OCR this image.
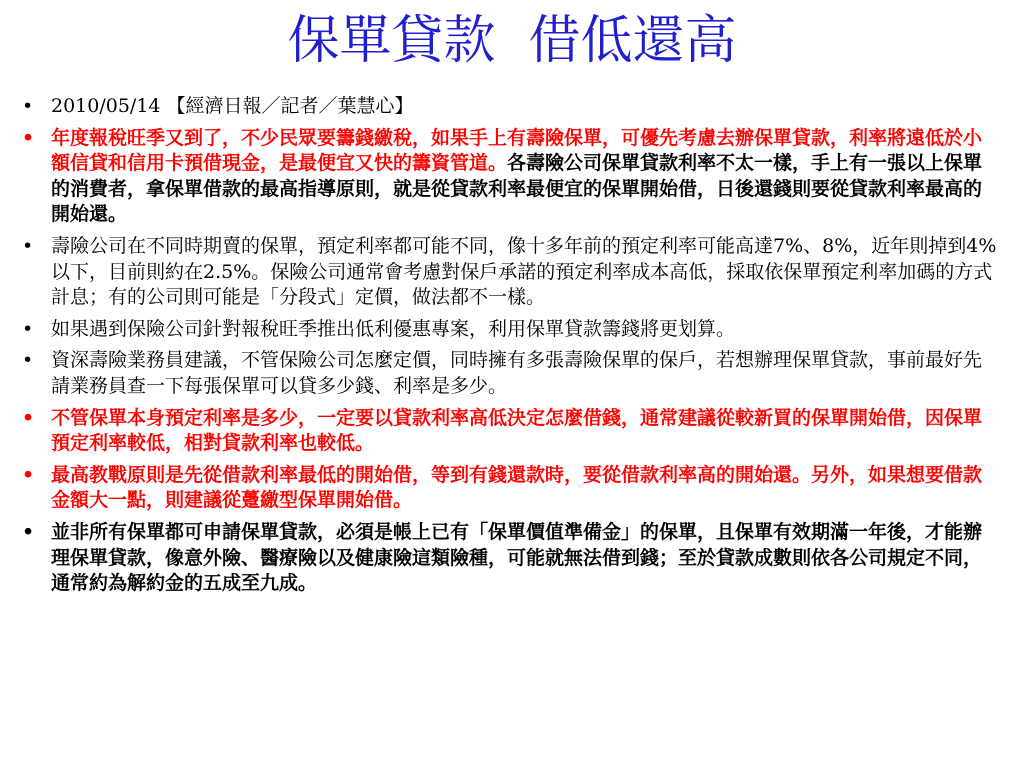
保單貸款  借低還高
• 2010/05/14 【經濟日報／記者／葉慧心】
• 年度報稅旺季又到了，不少民眾要籌錢繳稅，如果手上有壽險保單，可優先考慮去辦保單貸款，利率將遠低於小額信貸和信用卡預借現金，是最便宜又快的籌資管道。各壽險公司保單貸款利率不太一樣，手上有一張以上保單的消費者，拿保單借款的最高指導原則，就是從貸款利率最便宜的保單開始借，日後還錢則要從貸款利率最高的開始還。
• 壽險公司在不同時期賣的保單，預定利率都可能不同，像十多年前的預定利率可能高達7%、8%，近年則掉到4%以下，目前則約在2.5%。保險公司通常會考慮對保戶承諾的預定利率成本高低，採取依保單預定利率加碼的方式計息；有的公司則可能是「分段式」定價，做法都不一樣。
• 如果遇到保險公司針對報稅旺季推出低利優惠專案，利用保單貸款籌錢將更划算。
• 資深壽險業務員建議，不管保險公司怎麼定價，同時擁有多張壽險保單的保戶，若想辦理保單貸款，事前最好先請業務員查一下每張保單可以貸多少錢、利率是多少。
• 不管保單本身預定利率是多少，一定要以貸款利率高低決定怎麼借錢，通常建議從較新買的保單開始借，因保單預定利率較低，相對貸款利率也較低。
• 最高教戰原則是先從借款利率最低的開始借，等到有錢還款時，要從借款利率高的開始還。另外，如果想要借款金額大一點，則建議從躉繳型保單開始借。
• 並非所有保單都可申請保單貸款，必須是帳上已有「保單價值準備金」的保單，且保單有效期滿一年後，才能辦理保單貸款，像意外險、醫療險以及健康險這類險種，可能就無法借到錢；至於貸款成數則依各公司規定不同，通常約為解約金的五成至九成。
